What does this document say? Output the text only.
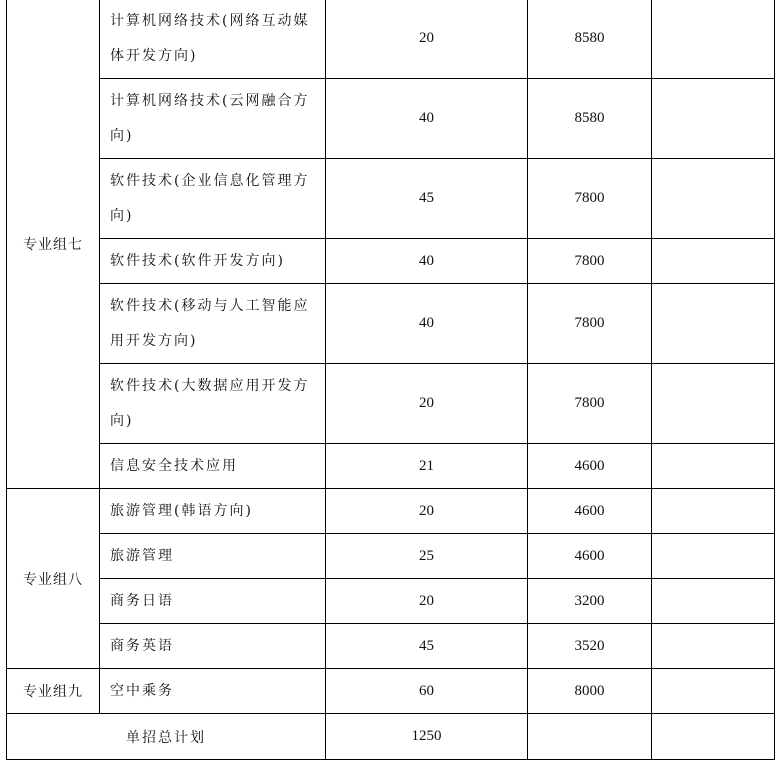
专业组七	计算机网络技术(网络互动媒体开发方向)	20	8580	
	计算机网络技术(云网融合方向)	40	8580	
	软件技术(企业信息化管理方向)	45	7800	
	软件技术(软件开发方向)	40	7800	
	软件技术(移动与人工智能应用开发方向)	40	7800	
	软件技术(大数据应用开发方向)	20	7800	
	信息安全技术应用	21	4600	
专业组八	旅游管理(韩语方向)	20	4600	
	旅游管理	25	4600	
	商务日语	20	3200	
	商务英语	45	3520	
专业组九	空中乘务	60	8000	
单招总计划		1250		
